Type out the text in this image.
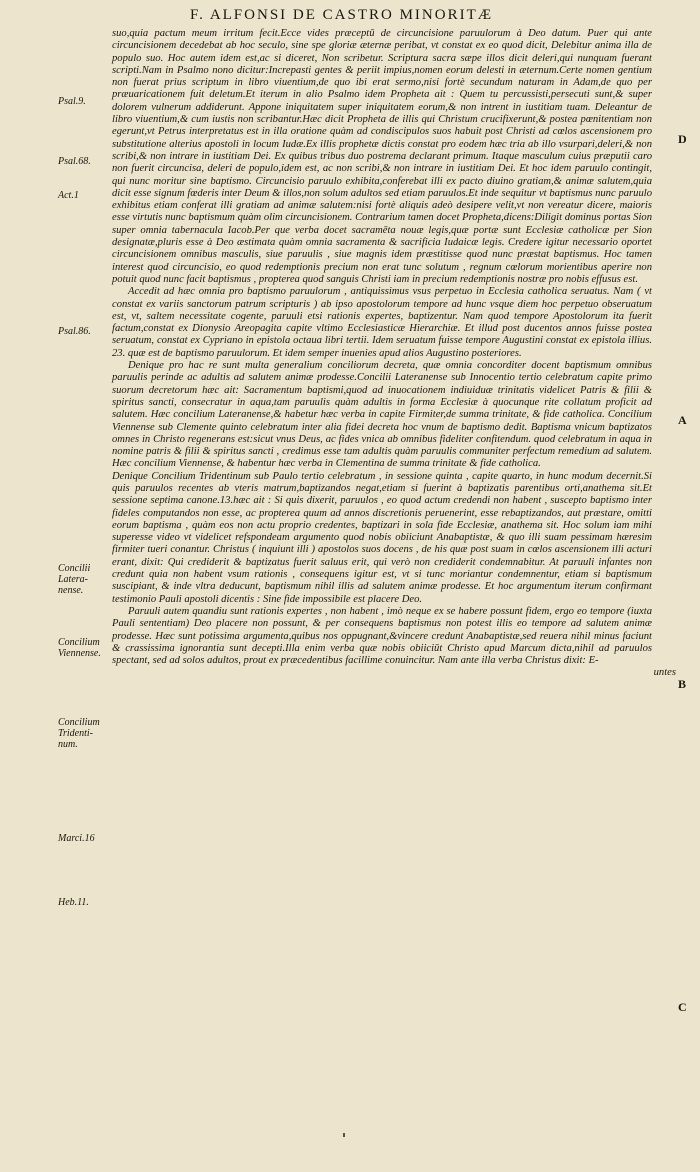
F. ALFONSI DE CASTRO MINORITÆ
Psal.9.
Psal.68.
Act.1
Psal.86.
Concilii Latera-nense.
Concilium Viennense.
Concilium Tridenti-num.
Marci.16
Heb.11.
D
A
B
C

suo,quia pactum meum irritum fecit.Ecce vides præceptū de circuncisione paruulorum à Deo datum. Puer qui ante circuncisionem decedebat ab hoc seculo, sine spe gloriæ æternæ peribat, vt constat ex eo quod dicit, Delebitur anima illa de populo suo. Hoc autem idem est,ac si diceret, Non scribetur. Scriptura sacra sæpe illos dicit deleri,qui nunquam fuerant scripti.Nam in Psalmo nono dicitur:Increpasti gentes & periit impius,nomen eorum delesti in æternum.Certe nomen gentium non fuerat prius scriptum in libro viuentium,de quo ibi erat sermo,nisi fortè secundum naturam in Adam,de quo per præuaricationem fuit deletum.Et iterum in alio Psalmo idem Propheta ait : Quem tu percussisti,persecuti sunt,& super dolorem vulnerum addiderunt. Appone iniquitatem super iniquitatem eorum,& non intrent in iustitiam tuam. Deleantur de libro viuentium,& cum iustis non scribantur.Hæc dicit Propheta de illis qui Christum crucifixerunt,& postea pœnitentiam non egerunt,vt Petrus interpretatus est in illa oratione quàm ad condiscipulos suos habuit post Christi ad cœlos ascensionem pro substitutione alterius apostoli in locum Iudæ.Ex illis prophetæ dictis constat pro eodem hæc tria ab illo vsurpari,deleri,& non scribi,& non intrare in iustitiam Dei. Ex quibus tribus duo postrema declarant primum. Itaque masculum cuius præputii caro non fuerit circuncisa, deleri de populo,idem est, ac non scribi,& non intrare in iustitiam Dei. Et hoc idem paruulo contingit, qui nunc moritur sine baptismo. Circuncisio paruulo exhibita,conferebat illi ex pacto diuino gratiam,& animæ salutem,quia dicit esse signum fœderis inter Deum & illos,non solum adultos sed etiam paruulos.Et inde sequitur vt baptismus nunc paruulo exhibitus etiam conferat illi gratiam ad animæ salutem:nisi fortè aliquis adeò desipere velit,vt non vereatur dicere, maioris esse virtutis nunc baptismum quàm olim circuncisionem. Contrarium tamen docet Propheta,dicens:Diligit dominus portas Sion super omnia tabernacula Iacob.Per que verba docet sacramēta nouæ legis,quæ portæ sunt Ecclesiæ catholicæ per Sion designatæ,pluris esse à Deo æstimata quàm omnia sacramenta & sacrificia Iudaicæ legis. Credere igitur necessario oportet circuncisionem omnibus masculis, siue paruulis , siue magnis idem præstitisse quod nunc præstat baptismus. Hoc tamen interest quod circuncisio, eo quod redemptionis precium non erat tunc solutum , regnum cœlorum morientibus aperire non potuit quod nunc facit baptismus , propterea quod sanguis Christi iam in precium redemptionis nostræ pro nobis effusus est.

Accedit ad hæc omnia pro baptismo paruulorum , antiquissimus vsus perpetuo in Ecclesia catholica seruatus. Nam ( vt constat ex variis sanctorum patrum scripturis ) ab ipso apostolorum tempore ad hunc vsque diem hoc perpetuo obseruatum est, vt, saltem necessitate cogente, paruuli etsi rationis expertes, baptizentur. Nam quod tempore Apostolorum ita fuerit factum,constat ex Dionysio Areopagita capite vltimo Ecclesiasticæ Hierarchiæ. Et illud post ducentos annos fuisse postea seruatum, constat ex Cypriano in epistola octaua libri tertii. Idem seruatum fuisse tempore Augustini constat ex epistola illius. 23. quæ est de baptismo paruulorum. Et idem semper inuenies apud alios Augustino posteriores.

Denique pro hac re sunt multa generalium conciliorum decreta, quæ omnia concorditer docent baptismum omnibus paruulis perinde ac adultis ad salutem animæ prodesse.Concilii Lateranense sub Innocentio tertio celebratum capite primo suorum decretorum hæc ait: Sacramentum baptismi,quod ad inuocationem indiuiduæ trinitatis videlicet Patris & filii & spiritus sancti, consecratur in aqua,tam paruulis quàm adultis in forma Ecclesiæ à quocunque rite collatum proficit ad salutem. Hæc concilium Lateranense,& habetur hæc verba in capite Firmiter,de summa trinitate, & fide catholica. Concilium Viennense sub Clemente quinto celebratum inter alia fidei decreta hoc vnum de baptismo dedit. Baptisma vnicum baptizatos omnes in Christo regenerans est:sicut vnus Deus, ac fides vnica ab omnibus fideliter confitendum. quod celebratum in aqua in nomine patris & filii & spiritus sancti , credimus esse tam adultis quàm paruulis communiter perfectum remedium ad salutem. Hæc concilium Viennense, & habentur hæc verba in Clementina de summa trinitate & fide catholica.

Denique Concilium Tridentinum sub Paulo tertio celebratum , in sessione quinta , capite quarto, in hunc modum decernit.Si quis paruulos recentes ab vteris matrum,baptizandos negat,etiam si fuerint à baptizatis parentibus orti,anathema sit.Et sessione septima canone.13.hæc ait : Si quis dixerit, paruulos , eo quod actum credendi non habent , suscepto baptismo inter fideles computandos non esse, ac propterea quum ad annos discretionis peruenerint, esse rebaptizandos, aut præstare, omitti eorum baptisma , quàm eos non actu proprio credentes, baptizari in sola fide Ecclesiæ, anathema sit. Hoc solum iam mihi superesse video vt videlicet refspondeam argumento quod nobis obiiciunt Anabaptistæ, & quo illi suam pessimam hæresim firmiter tueri conantur. Christus ( inquiunt illi ) apostolos suos docens , de his quæ post suam in cœlos ascensionem illi acturi erant, dixit: Qui crediderit & baptizatus fuerit saluus erit, qui verò non crediderit condemnabitur. At paruuli infantes non credunt quia non habent vsum rationis , consequens igitur est, vt si tunc moriantur condemnentur, etiam si baptismum suscipiant, & inde vltra deducunt, baptismum nihil illis ad salutem animæ prodesse. Et hoc argumentum iterum confirmant testimonio Pauli apostoli dicentis : Sine fide impossibile est placere Deo.

Paruuli autem quandiu sunt rationis expertes , non habent , imò neque ex se habere possunt fidem, ergo eo tempore (iuxta Pauli sententiam) Deo placere non possunt, & per consequens baptismus non potest illis eo tempore ad salutem animæ prodesse. Hæc sunt potissima argumenta,quibus nos oppugnant,&vincere credunt Anabaptistæ,sed reuera nihil minus faciunt & crassissima ignorantia sunt decepti.Illa enim verba quæ nobis obiiciūt Christo apud Marcum dicta,nihil ad paruulos spectant, sed ad solos adultos, prout ex præcedentibus facillime conuincitur. Nam ante illa verba Christus dixit: E-

untes
